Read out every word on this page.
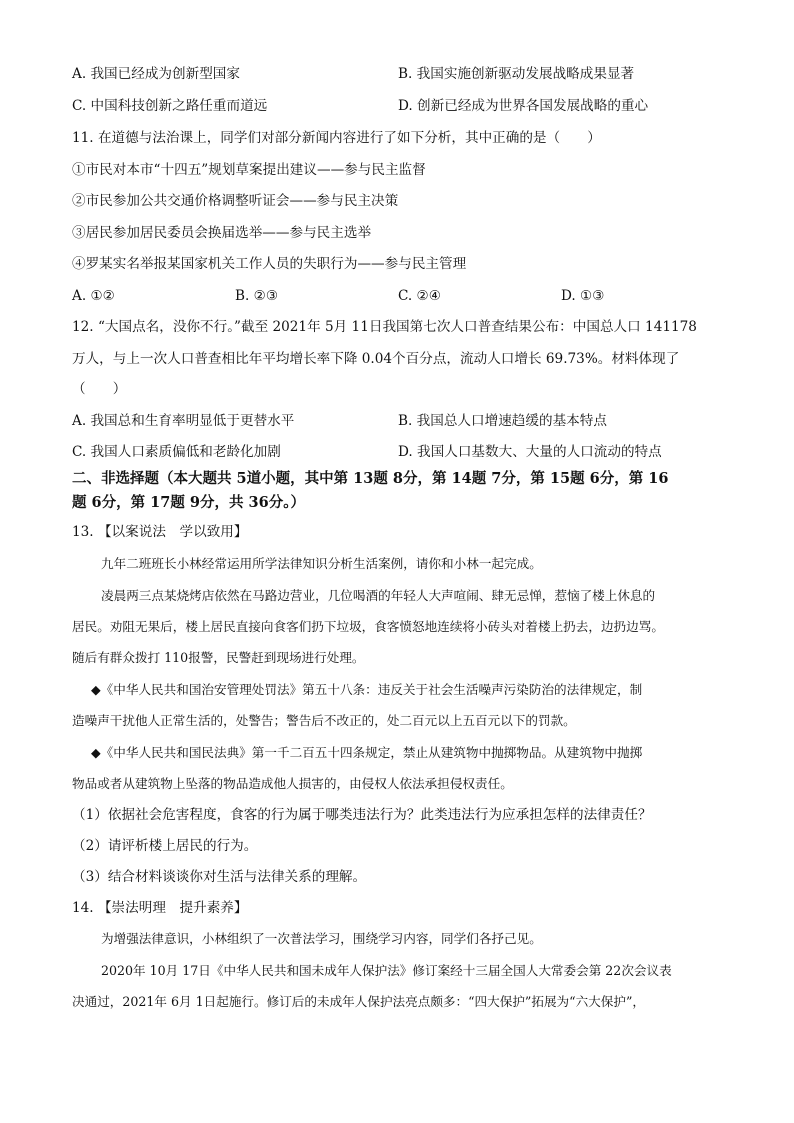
A. 我国已经成为创新型国家	B. 我国实施创新驱动发展战略成果显著
C. 中国科技创新之路任重而道远	D. 创新已经成为世界各国发展战略的重心
11. 在道德与法治课上，同学们对部分新闻内容进行了如下分析，其中正确的是（　　）
①市民对本市“十四五”规划草案提出建议——参与民主监督
②市民参加公共交通价格调整听证会——参与民主决策
③居民参加居民委员会换届选举——参与民主选举
④罗某实名举报某国家机关工作人员的失职行为——参与民主管理
A. ①②	B. ②③	C. ②④	D. ①③
12. “大国点名，没你不行。”截至 2021年 5月 11日我国第七次人口普查结果公布：中国总人口 141178
万人，与上一次人口普查相比年平均增长率下降 0.04个百分点，流动人口增长 69.73%。材料体现了
（　　）
A. 我国总和生育率明显低于更替水平	B. 我国总人口增速趋缓的基本特点
C. 我国人口素质偏低和老龄化加剧	D. 我国人口基数大、大量的人口流动的特点
二、非选择题（本大题共 5道小题，其中第 13题 8分，第 14题 7分，第 15题 6分，第 16
题 6分，第 17题 9分，共 36分。）
13. 【以案说法　学以致用】
九年二班班长小林经常运用所学法律知识分析生活案例，请你和小林一起完成。
凌晨两三点某烧烤店依然在马路边营业，几位喝酒的年轻人大声喧闹、肆无忌惮，惹恼了楼上休息的
居民。劝阻无果后，楼上居民直接向食客们扔下垃圾，食客愤怒地连续将小砖头对着楼上扔去，边扔边骂。
随后有群众拨打 110报警，民警赶到现场进行处理。
◆《中华人民共和国治安管理处罚法》第五十八条：违反关于社会生活噪声污染防治的法律规定，制
造噪声干扰他人正常生活的，处警告；警告后不改正的，处二百元以上五百元以下的罚款。
◆《中华人民共和国民法典》第一千二百五十四条规定，禁止从建筑物中抛掷物品。从建筑物中抛掷
物品或者从建筑物上坠落的物品造成他人损害的，由侵权人依法承担侵权责任。
（1）依据社会危害程度，食客的行为属于哪类违法行为？此类违法行为应承担怎样的法律责任？
（2）请评析楼上居民的行为。
（3）结合材料谈谈你对生活与法律关系的理解。
14. 【崇法明理　提升素养】
为增强法律意识，小林组织了一次普法学习，围绕学习内容，同学们各抒己见。
2020年 10月 17日《中华人民共和国未成年人保护法》修订案经十三届全国人大常委会第 22次会议表
决通过，2021年 6月 1日起施行。修订后的未成年人保护法亮点颇多：“四大保护”拓展为“六大保护”，
